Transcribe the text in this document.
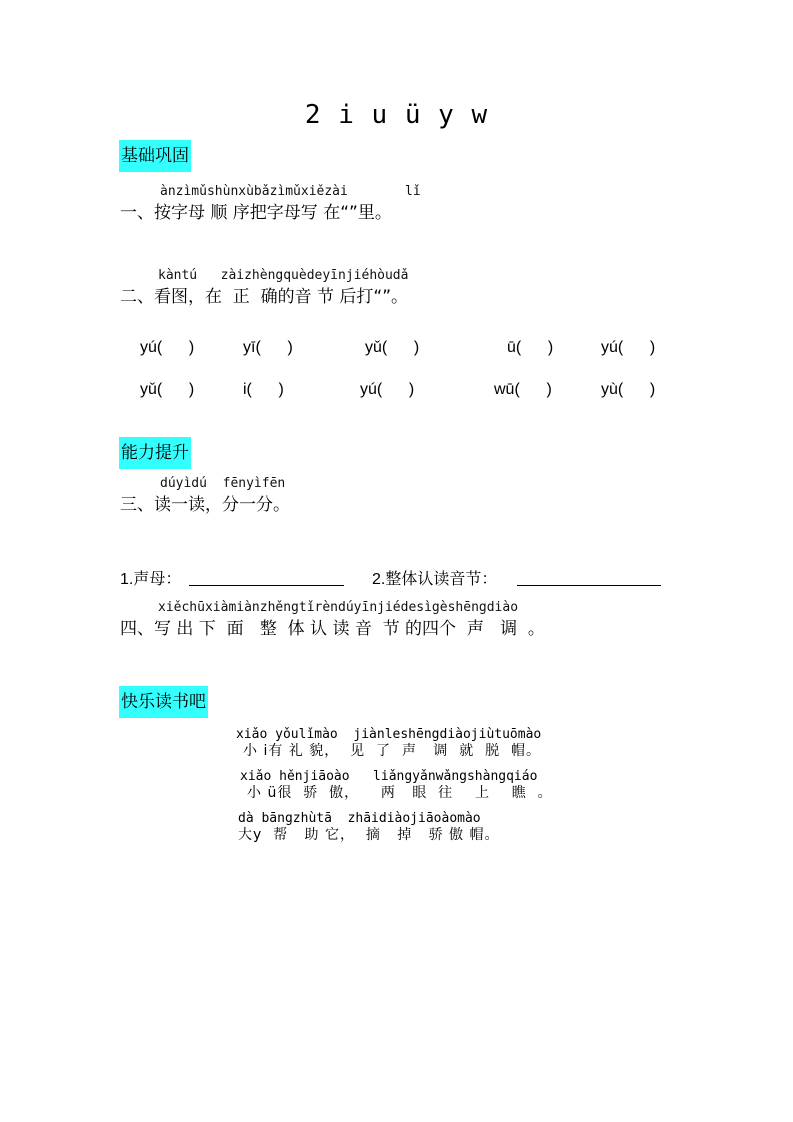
2 i u ü y w
基础巩固
ànzìmǔshùnxùbǎzìmǔxiězài	lǐ
一、按字母 顺 序把字母写 在“”里。
kàntú   zàizhèngquèdeyīnjiéhòudǎ
二、看图，在  正  确的音 节 后打“”。
yú(      )	yī(      )	yǔ(      )	ū(      )	yú(      )
yǔ(      )	i(      )	yú(      )	wū(      )	yù(      )
能力提升
dúyìdú  fēnyìfēn
三、读一读，分一分。
1.声母：	2.整体认读音节：
xiěchūxiàmiànzhěngtǐrèndúyīnjiédesìgèshēngdiào
四、写 出 下  面   整  体 认 读 音  节 的四个  声   调  。
快乐读书吧
xiǎo yǒulǐmào  jiànleshēngdiàojiùtuōmào
小 i有 礼 貌，  见  了  声   调  就  脱  帽。
xiǎo hěnjiāoào   liǎngyǎnwǎngshàngqiáo
小 ü很  骄  傲，    两   眼  往    上    瞧  。
dà bāngzhùtā  zhāidiàojiāoàomào
大y  帮   助 它，  摘   掉   骄 傲 帽。
